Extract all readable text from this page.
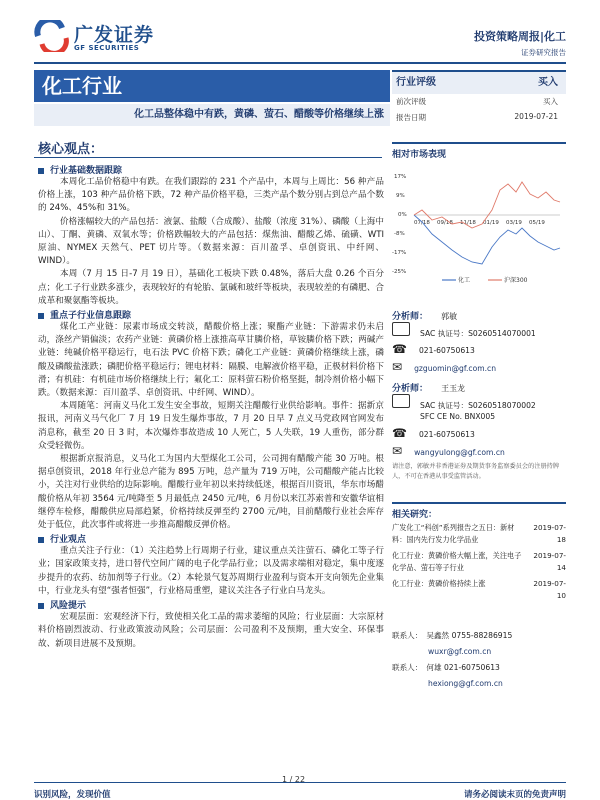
广发证券
GF SECURITIES
投资策略周报|化工
证券研究报告
化工行业
化工品整体稳中有跌，黄磷、萤石、醋酸等价格继续上涨
行业评级	买入
前次评级	买入
报告日期	2019-07-21
核心观点：
行业基础数据跟踪
本周化工品价格稳中有跌。在我们跟踪的 231 个产品中，本周与上周比：56 种产品价格上涨，103 种产品价格下跌，72 种产品价格平稳，三类产品个数分别占到总产品个数的 24%、45%和 31%。
价格涨幅较大的产品包括：液氯、盐酸（合成酸）、盐酸（浓度 31%）、磷酸（上海中山）、丁酮、黄磷、双氧水等；价格跌幅较大的产品包括：煤焦油、醋酸乙烯、硫磺、WTI 原油、NYMEX 天然气、PET 切片等。（数据来源：百川盈孚、卓创资讯、中纤网、WIND）。
本周（7 月 15 日-7 月 19 日），基础化工板块下跌 0.48%，落后大盘 0.26 个百分点；化工子行业跌多涨少，表现较好的有轮胎、氯碱和玻纤等板块，表现较差的有磷肥、合成革和聚氨酯等板块。
重点子行业信息跟踪
煤化工产业链：尿素市场成交转淡，醋酸价格上涨；聚酯产业链：下游需求仍未启动，涤丝产销偏淡；农药产业链：黄磷价格上涨推高草甘膦价格，草铵膦价格下跌；两碱产业链：纯碱价格平稳运行，电石法 PVC 价格下跌；磷化工产业链：黄磷价格继续上涨，磷酸及磷酸盐涨跌；磷肥价格平稳运行；锂电材料：隔膜、电解液价格平稳，正极材料价格下滑；有机硅：有机硅市场价格继续上行；氟化工：原料萤石粉价格坚挺，制冷剂价格小幅下跌。（数据来源：百川盈孚、卓创资讯、中纤网、WIND）。
本周随笔：河南义马化工发生安全事故，短期关注醋酸行业供给影响。事件：据新京报讯，河南义马气化厂 7 月 19 日发生爆炸事故，7 月 20 日早 7 点义马党政网官网发布消息称，截至 20 日 3 时，本次爆炸事故造成 10 人死亡，5 人失联，19 人重伤，部分群众受轻微伤。
根据新京报消息，义马化工为国内大型煤化工公司，公司拥有醋酸产能 30 万吨。根据卓创资讯，2018 年行业总产能为 895 万吨，总产量为 719 万吨，公司醋酸产能占比较小，关注对行业供给的边际影响。醋酸行业年初以来持续低迷，根据百川资讯，华东市场醋酸价格从年初 3564 元/吨降至 5 月最低点 2450 元/吨，6 月份以来江苏索普和安徽华谊相继停车检修，醋酸供应局部趋紧，价格持续反弹至约 2700 元/吨，目前醋酸行业社会库存处于低位，此次事件或将进一步推高醋酸反弹价格。
行业观点
重点关注子行业：（1）关注趋势上行周期子行业，建议重点关注萤石、磷化工等子行业；国家政策支持，进口替代空间广阔的电子化学品行业；以及需求端相对稳定，集中度逐步提升的农药、纺加剂等子行业。（2）本轮景气复苏周期行业盈利与资本开支向领先企业集中，行业龙头有望“强者恒强”，行业格局重塑，建议关注各子行业白马龙头。
风险提示
宏观层面：宏观经济下行，致使相关化工品的需求萎缩的风险；行业层面：大宗原材料价格剧烈波动、行业政策波动风险；公司层面：公司盈利不及预期，重大安全、环保事故、新项目进展不及预期。
相对市场表现
17%
9%
0%
-8%
-17%
-25%
07/18 09/18 11/18 01/19 03/19 05/19
化工	沪深300
分析师： 郭敏
SAC 执证号：S0260514070001
☎ 021-60750613
✉ gzguomin@gf.com.cn
分析师： 王玉龙
SAC 执证号：S0260518070002
SFC CE No. BNX005
☎ 021-60750613
✉ wangyulong@gf.com.cn
请注意，郭敏并非香港证券及期货事务监察委员会的注册持牌人，不可在香港从事受监管活动。
相关研究：
广发化工“科创”系列报告之五日：新材料：国内先行发力化学品业
2019-07-18
化工行业：黄磷价格大幅上涨，关注电子化学品、萤石等子行业
2019-07-14
化工行业：黄磷价格持续上涨	2019-07-10
联系人： 吴鑫然 0755-88286915
wuxr@gf.com.cn
联系人： 何雄 021-60750613
hexiong@gf.com.cn
识别风险，发现价值
1 / 22
请务必阅读末页的免责声明
